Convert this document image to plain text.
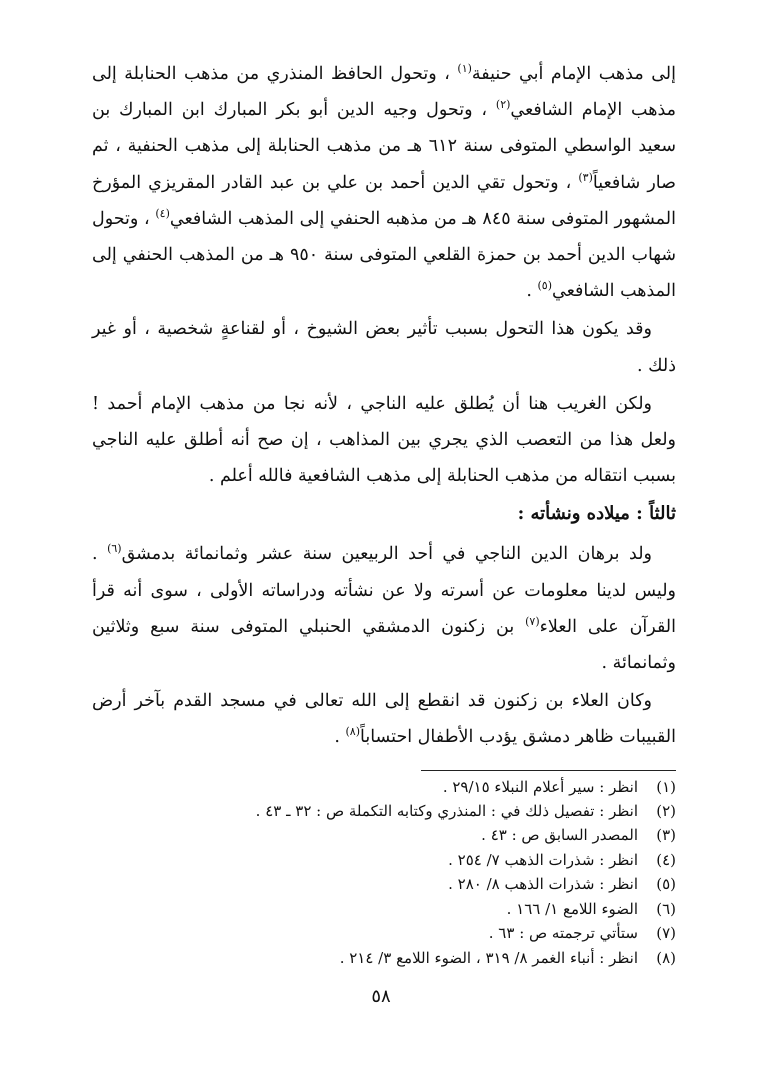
إلى مذهب الإمام أبي حنيفة$^{(١)}$ ، وتحول الحافظ المنذري من مذهب الحنابلة إلى مذهب الإمام الشافعي$^{(٢)}$ ، وتحول وجيه الدين أبو بكر المبارك ابن المبارك بن سعيد الواسطي المتوفى سنة ٦١٢ هـ من مذهب الحنابلة إلى مذهب الحنفية ، ثم صار شافعياً$^{(٣)}$ ، وتحول تقي الدين أحمد بن علي بن عبد القادر المقريزي المؤرخ المشهور المتوفى سنة ٨٤٥ هـ من مذهبه الحنفي إلى المذهب الشافعي$^{(٤)}$ ، وتحول شهاب الدين أحمد بن حمزة القلعي المتوفى سنة ٩٥٠ هـ من المذهب الحنفي إلى المذهب الشافعي$^{(٥)}$ .

وقد يكون هذا التحول بسبب تأثير بعض الشيوخ ، أو لقناعةٍ شخصية ، أو غير ذلك .

ولكن الغريب هنا أن يُطلق عليه الناجي ، لأنه نجا من مذهب الإمام أحمد ! ولعل هذا من التعصب الذي يجري بين المذاهب ، إن صح أنه أطلق عليه الناجي بسبب انتقاله من مذهب الحنابلة إلى مذهب الشافعية فالله أعلم .

ثالثاً : ميلاده ونشأته :

ولد برهان الدين الناجي في أحد الربيعين سنة عشر وثمانمائة بدمشق$^{(٦)}$ . وليس لدينا معلومات عن أسرته ولا عن نشأته ودراساته الأولى ، سوى أنه قرأ القرآن على العلاء$^{(٧)}$ بن زكنون الدمشقي الحنبلي المتوفى سنة سبع وثلاثين وثمانمائة .

وكان العلاء بن زكنون قد انقطع إلى الله تعالى في مسجد القدم بآخر أرض القبيبات ظاهر دمشق يؤدب الأطفال احتساباً$^{(٨)}$ .

(١)
انظر : سير أعلام النبلاء ٢٩/١٥ .
(٢)
انظر : تفصيل ذلك في : المنذري وكتابه التكملة ص : ٣٢ ـ ٤٣ .
(٣)
المصدر السابق ص : ٤٣ .
(٤)
انظر : شذرات الذهب ٧/ ٢٥٤ .
(٥)
انظر : شذرات الذهب ٨/ ٢٨٠ .
(٦)
الضوء اللامع ١/ ١٦٦ .
(٧)
ستأتي ترجمته ص : ٦٣ .
(٨)
انظر : أنباء الغمر ٨/ ٣١٩ ، الضوء اللامع ٣/ ٢١٤ .
٥٨
